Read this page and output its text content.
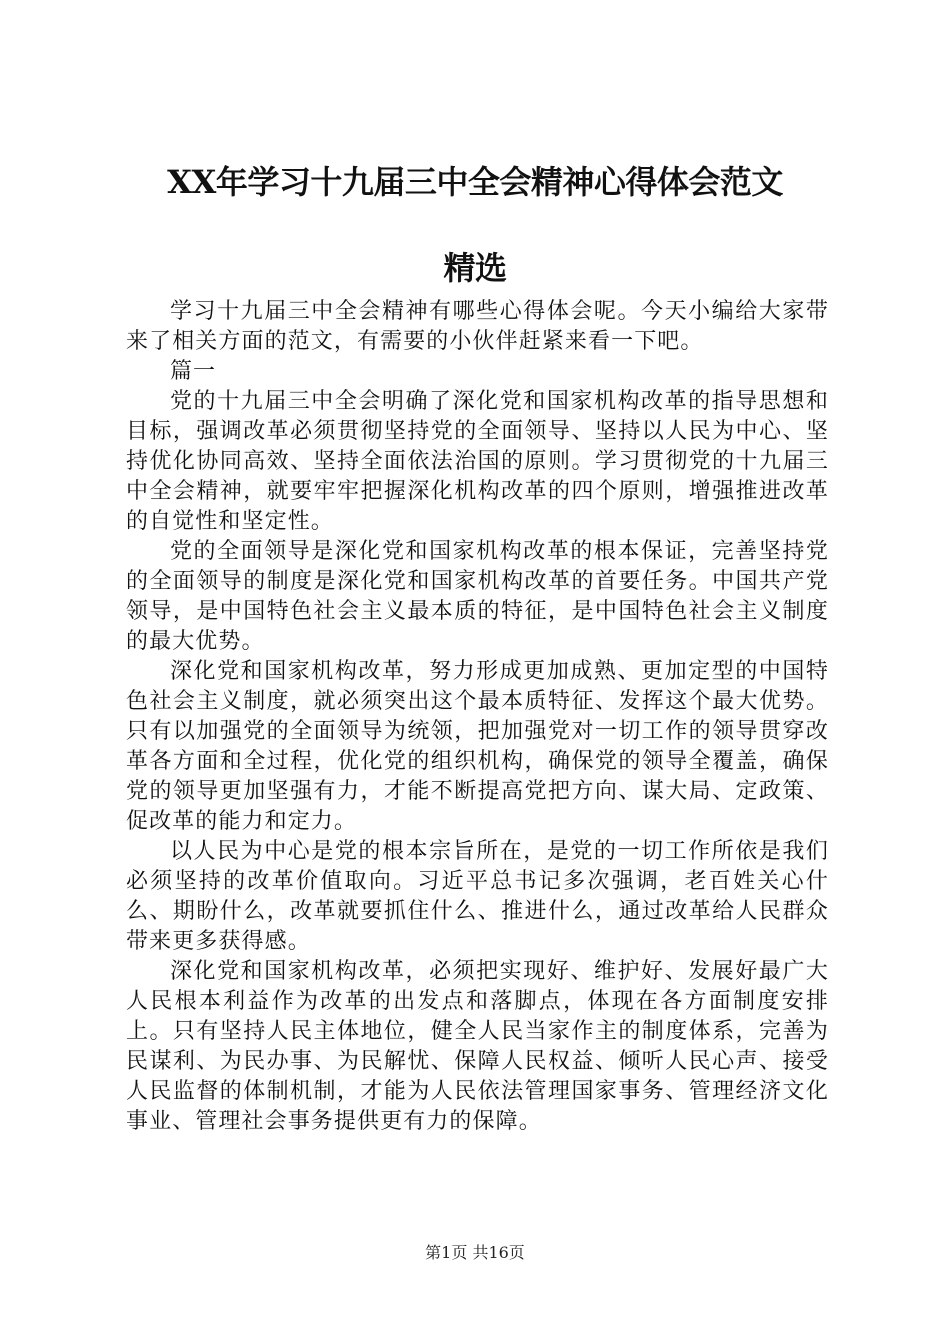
XX年学习十九届三中全会精神心得体会范文
精选

学习十九届三中全会精神有哪些心得体会呢。今天小编给大家带来了相关方面的范文，有需要的小伙伴赶紧来看一下吧。

篇一

党的十九届三中全会明确了深化党和国家机构改革的指导思想和目标，强调改革必须贯彻坚持党的全面领导、坚持以人民为中心、坚持优化协同高效、坚持全面依法治国的原则。学习贯彻党的十九届三中全会精神，就要牢牢把握深化机构改革的四个原则，增强推进改革的自觉性和坚定性。

党的全面领导是深化党和国家机构改革的根本保证，完善坚持党的全面领导的制度是深化党和国家机构改革的首要任务。中国共产党领导，是中国特色社会主义最本质的特征，是中国特色社会主义制度的最大优势。

深化党和国家机构改革，努力形成更加成熟、更加定型的中国特色社会主义制度，就必须突出这个最本质特征、发挥这个最大优势。只有以加强党的全面领导为统领，把加强党对一切工作的领导贯穿改革各方面和全过程，优化党的组织机构，确保党的领导全覆盖，确保党的领导更加坚强有力，才能不断提高党把方向、谋大局、定政策、促改革的能力和定力。

以人民为中心是党的根本宗旨所在，是党的一切工作所依是我们必须坚持的改革价值取向。习近平总书记多次强调，老百姓关心什么、期盼什么，改革就要抓住什么、推进什么，通过改革给人民群众带来更多获得感。

深化党和国家机构改革，必须把实现好、维护好、发展好最广大人民根本利益作为改革的出发点和落脚点，体现在各方面制度安排上。只有坚持人民主体地位，健全人民当家作主的制度体系，完善为民谋利、为民办事、为民解忧、保障人民权益、倾听人民心声、接受人民监督的体制机制，才能为人民依法管理国家事务、管理经济文化事业、管理社会事务提供更有力的保障。

第1页 共16页
